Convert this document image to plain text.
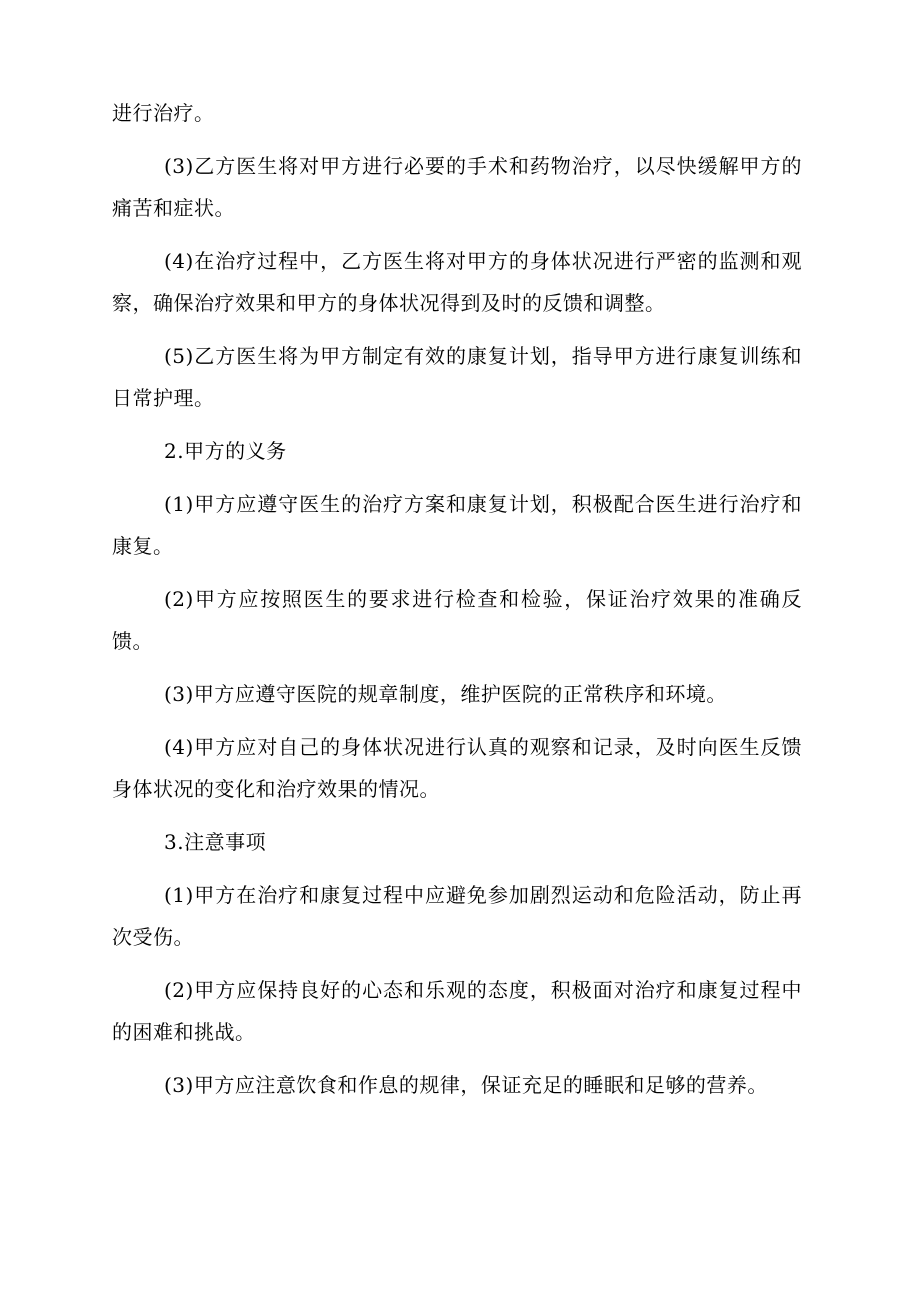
进行治疗。

(3)乙方医生将对甲方进行必要的手术和药物治疗，以尽快缓解甲方的痛苦和症状。

(4)在治疗过程中，乙方医生将对甲方的身体状况进行严密的监测和观察，确保治疗效果和甲方的身体状况得到及时的反馈和调整。

(5)乙方医生将为甲方制定有效的康复计划，指导甲方进行康复训练和日常护理。

2.甲方的义务

(1)甲方应遵守医生的治疗方案和康复计划，积极配合医生进行治疗和康复。

(2)甲方应按照医生的要求进行检查和检验，保证治疗效果的准确反馈。

(3)甲方应遵守医院的规章制度，维护医院的正常秩序和环境。

(4)甲方应对自己的身体状况进行认真的观察和记录，及时向医生反馈身体状况的变化和治疗效果的情况。

3.注意事项

(1)甲方在治疗和康复过程中应避免参加剧烈运动和危险活动，防止再次受伤。

(2)甲方应保持良好的心态和乐观的态度，积极面对治疗和康复过程中的困难和挑战。

(3)甲方应注意饮食和作息的规律，保证充足的睡眠和足够的营养。
